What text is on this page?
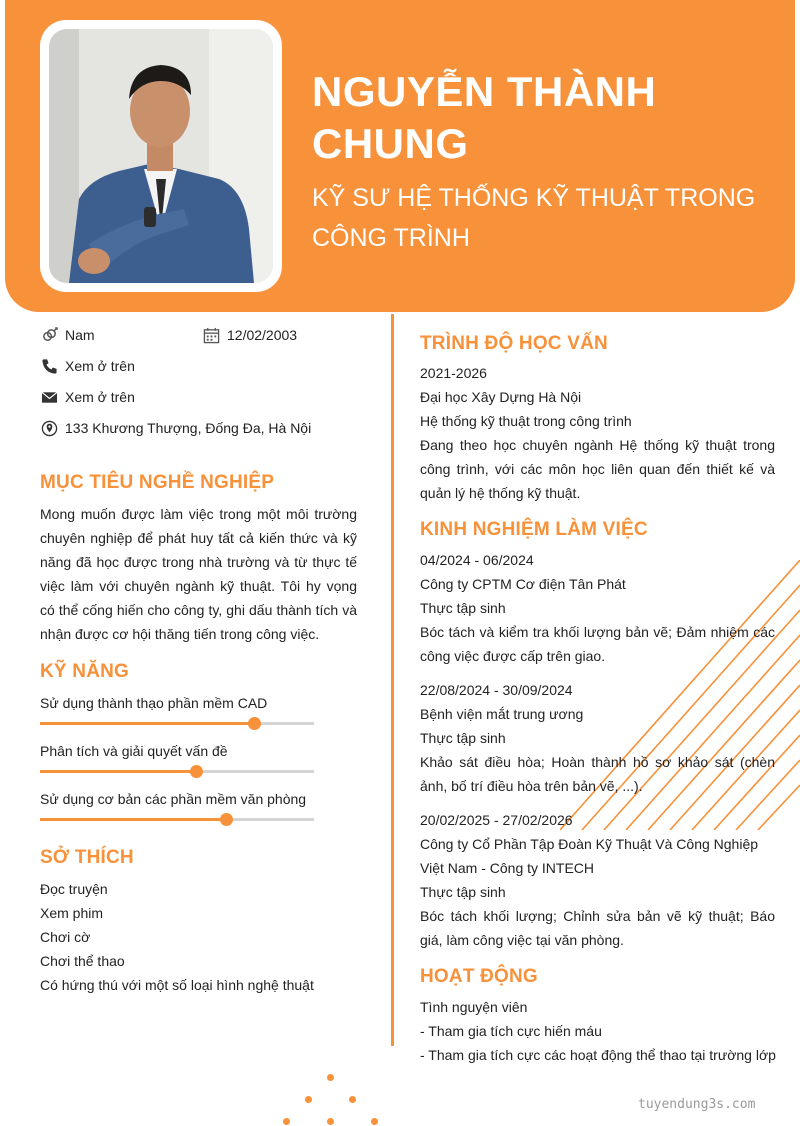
NGUYỄN THÀNH CHUNG
KỸ SƯ HỆ THỐNG KỸ THUẬT TRONG CÔNG TRÌNH
Nam	12/02/2003
Xem ở trên
Xem ở trên
133 Khương Thượng, Đống Đa, Hà Nội
MỤC TIÊU NGHỀ NGHIỆP
Mong muốn được làm việc trong một môi trường chuyên nghiệp để phát huy tất cả kiến thức và kỹ năng đã học được trong nhà trường và từ thực tế việc làm với chuyên ngành kỹ thuật. Tôi hy vọng có thể cống hiến cho công ty, ghi dấu thành tích và nhận được cơ hội thăng tiến trong công việc.
KỸ NĂNG
Sử dụng thành thạo phần mềm CAD
Phân tích và giải quyết vấn đề
Sử dụng cơ bản các phần mềm văn phòng
SỞ THÍCH
Đọc truyện
Xem phim
Chơi cờ
Chơi thể thao
Có hứng thú với một số loại hình nghệ thuật
TRÌNH ĐỘ HỌC VẤN
2021-2026
Đại học Xây Dựng Hà Nội
Hệ thống kỹ thuật trong công trình
Đang theo học chuyên ngành Hệ thống kỹ thuật trong công trình, với các môn học liên quan đến thiết kế và quản lý hệ thống kỹ thuật.
KINH NGHIỆM LÀM VIỆC
04/2024 - 06/2024
Công ty CPTM Cơ điện Tân Phát
Thực tập sinh
Bóc tách và kiểm tra khối lượng bản vẽ; Đảm nhiệm các công việc được cấp trên giao.
22/08/2024 - 30/09/2024
Bệnh viện mắt trung ương
Thực tập sinh
Khảo sát điều hòa; Hoàn thành hồ sơ khảo sát (chèn ảnh, bố trí điều hòa trên bản vẽ, ...).
20/02/2025 - 27/02/2026
Công ty Cổ Phần Tập Đoàn Kỹ Thuật Và Công Nghiệp Việt Nam - Công ty INTECH
Thực tập sinh
Bóc tách khối lượng; Chỉnh sửa bản vẽ kỹ thuật; Báo giá, làm công việc tại văn phòng.
HOẠT ĐỘNG
Tình nguyện viên
- Tham gia tích cực hiến máu
- Tham gia tích cực các hoạt động thể thao tại trường lớp
tuyendung3s.com
